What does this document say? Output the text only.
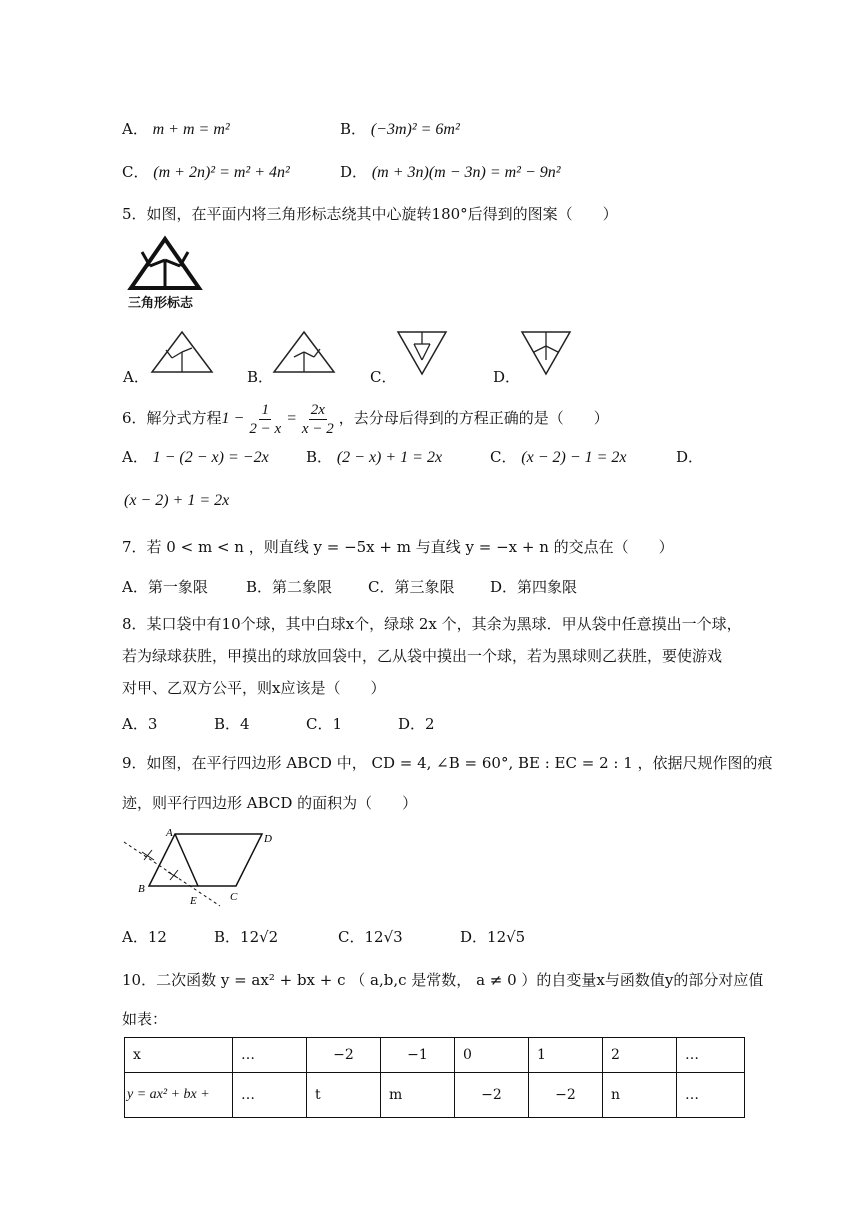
A． m + m = m²	B． (−3m)² = 6m²
C． (m + 2n)² = m² + 4n²	D． (m + 3n)(m − 3n) = m² − 9n²
5．如图，在平面内将三角形标志绕其中心旋转180°后得到的图案（　　）
三角形标志
A．	B．	C．	D．
6．解分式方程$1 - \frac{1}{2 - x} = \frac{2x}{x - 2}$ ，去分母后得到的方程正确的是（　　）
A． 1 − (2 − x) = −2x B． (2 − x) + 1 = 2x	C． (x − 2) − 1 = 2x	D．
(x − 2) + 1 = 2x
7．若 0 < m < n ，则直线 y = −5x + m 与直线 y = −x + n 的交点在（　　）
A．第一象限	B．第二象限 C．第三象限 D．第四象限
8．某口袋中有10个球，其中白球x个，绿球 2x 个，其余为黑球．甲从袋中任意摸出一个球，
若为绿球获胜，甲摸出的球放回袋中，乙从袋中摸出一个球，若为黑球则乙获胜，要使游戏
对甲、乙双方公平，则x应该是（　　）
A．3	B．4	C．1	D．2
9．如图，在平行四边形 ABCD 中， CD = 4, ∠B = 60°, BE : EC = 2 : 1 ，依据尺规作图的痕
迹，则平行四边形 ABCD 的面积为（　　）
A	D
B
E	C
A．12	B．12√2	C．12√3	D．12√5
10．二次函数 y = ax² + bx + c （ a,b,c 是常数， a ≠ 0 ）的自变量x与函数值y的部分对应值
如表：
x	…	−2	−1	0	1	2	…
y = ax² + bx +	…	t	m	−2	−2	n	…
